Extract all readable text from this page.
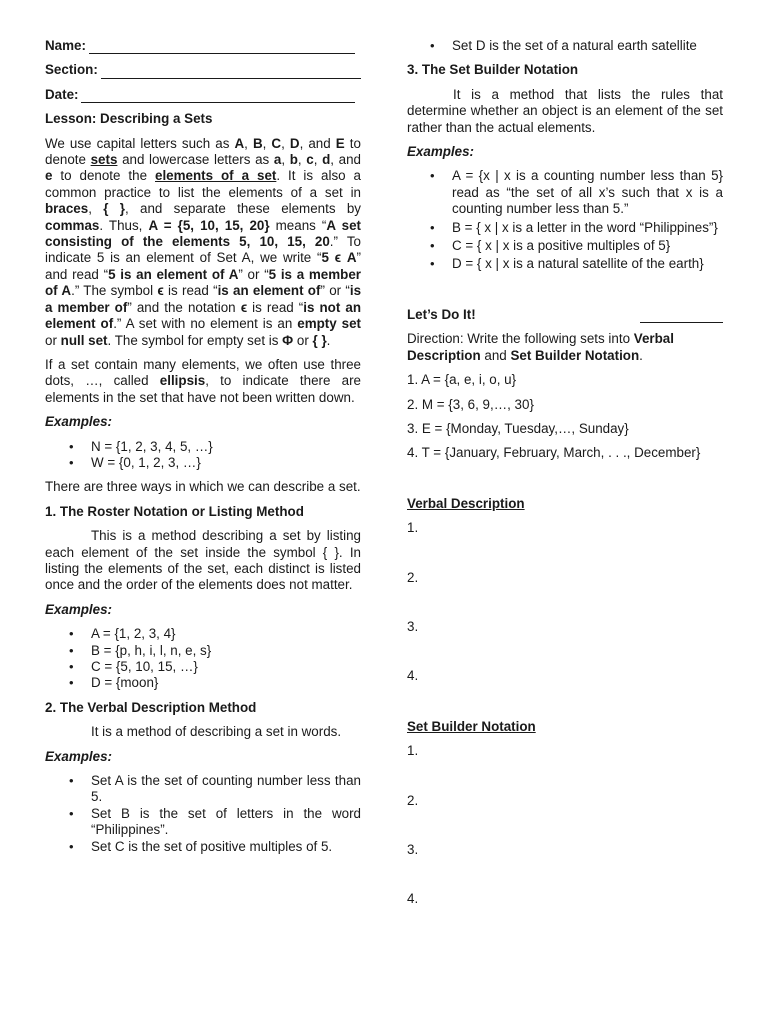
Name:
Section:
Date:

Lesson: Describing a Sets

We use capital letters such as A, B, C, D, and E to denote sets and lowercase letters as a, b, c, d, and e to denote the elements of a set. It is also a common practice to list the elements of a set in braces, { }, and separate these elements by commas. Thus, A = {5, 10, 15, 20} means “A set consisting of the elements 5, 10, 15, 20.” To indicate 5 is an element of Set A, we write “5 ϵ A” and read “5 is an element of A” or “5 is a member of A.” The symbol ϵ is read “is an element of” or “is a member of” and the notation ϵ is read “is not an element of.” A set with no element is an empty set or null set. The symbol for empty set is Φ or { }.

If a set contain many elements, we often use three dots, …, called ellipsis, to indicate there are elements in the set that have not been written down.

Examples:

• N = {1, 2, 3, 4, 5, …}
• W = {0, 1, 2, 3, …}

There are three ways in which we can describe a set.

1. The Roster Notation or Listing Method

This is a method describing a set by listing each element of the set inside the symbol { }. In listing the elements of the set, each distinct is listed once and the order of the elements does not matter.

Examples:

• A = {1, 2, 3, 4}
• B = {p, h, i, l, n, e, s}
• C = {5, 10, 15, …}
• D = {moon}

2. The Verbal Description Method

It is a method of describing a set in words.

Examples:

• Set A is the set of counting number less than 5.
• Set B is the set of letters in the word “Philippines”.
• Set C is the set of positive multiples of 5.
• Set D is the set of a natural earth satellite

3. The Set Builder Notation

It is a method that lists the rules that determine whether an object is an element of the set rather than the actual elements.

Examples:

• A = {x | x is a counting number less than 5} read as “the set of all x’s such that x is a counting number less than 5.”
• B = { x | x is a letter in the word “Philippines”}
• C = { x | x is a positive multiples of 5}
• D = { x | x is a natural satellite of the earth}
Let’s Do It!

Direction: Write the following sets into Verbal Description and Set Builder Notation.

1. A = {a, e, i, o, u}

2. M = {3, 6, 9,…, 30}

3. E = {Monday, Tuesday,…, Sunday}

4. T = {January, February, March, . . ., December}

Verbal Description

1.

2.

3.

4.

Set Builder Notation

1.

2.

3.

4.
